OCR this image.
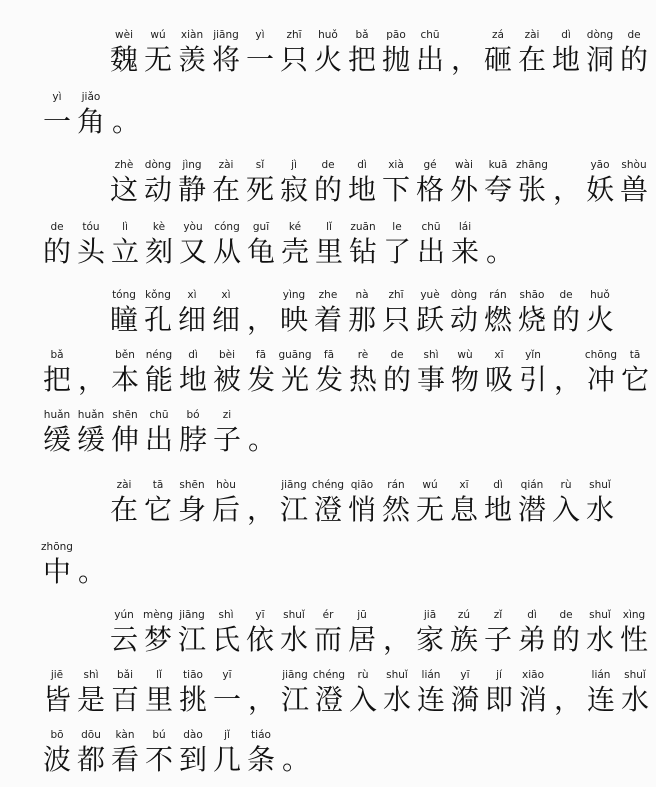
wèi
魏
wú
无
xiàn
羡
jiāng
将
yì
一
zhī
只
huǒ
火
bǎ
把
pāo
抛
chū
出 ，
zá
砸
zài
在
dì
地
dòng
洞
de
的
yì
一
jiǎo
角 。
zhè
这
dòng
动
jìng
静
zài
在
sǐ
死
jì
寂
de
的
dì
地
xià
下
gé
格
wài
外
kuā
夸
zhāng
张 ，
yāo
妖
shòu
兽
de
的
tóu
头
lì
立
kè
刻
yòu
又
cóng
从
guī
龟
ké
壳
lǐ
里
zuān
钻
le
了
chū
出
lái
来 。
tóng
瞳
kǒng
孔
xì
细
xì
细 ，
yìng
映
zhe
着
nà
那
zhī
只
yuè
跃
dòng
动
rán
燃
shāo
烧
de
的
huǒ
火
bǎ
把 ，
běn
本
néng
能
dì
地
bèi
被
fā
发
guāng
光
fā
发
rè
热
de
的
shì
事
wù
物
xī
吸
yǐn
引 ，
chōng
冲
tā
它
huǎn
缓
huǎn
缓
shēn
伸
chū
出
bó
脖
zi
子 。
zài
在
tā
它
shēn
身
hòu
后 ，
jiāng
江
chéng
澄
qiāo
悄
rán
然
wú
无
xī
息
dì
地
qián
潜
rù
入
shuǐ
水
zhōng
中 。
yún
云
mèng
梦
jiāng
江
shì
氏
yī
依
shuǐ
水
ér
而
jū
居 ，
jiā
家
zú
族
zǐ
子
dì
弟
de
的
shuǐ
水
xìng
性
jiē
皆
shì
是
bǎi
百
lǐ
里
tiāo
挑
yī
一 ，
jiāng
江
chéng
澄
rù
入
shuǐ
水
lián
连
yī
漪
jí
即
xiāo
消 ，
lián
连
shuǐ
水
bō
波
dōu
都
kàn
看
bú
不
dào
到
jǐ
几
tiáo
条 。
